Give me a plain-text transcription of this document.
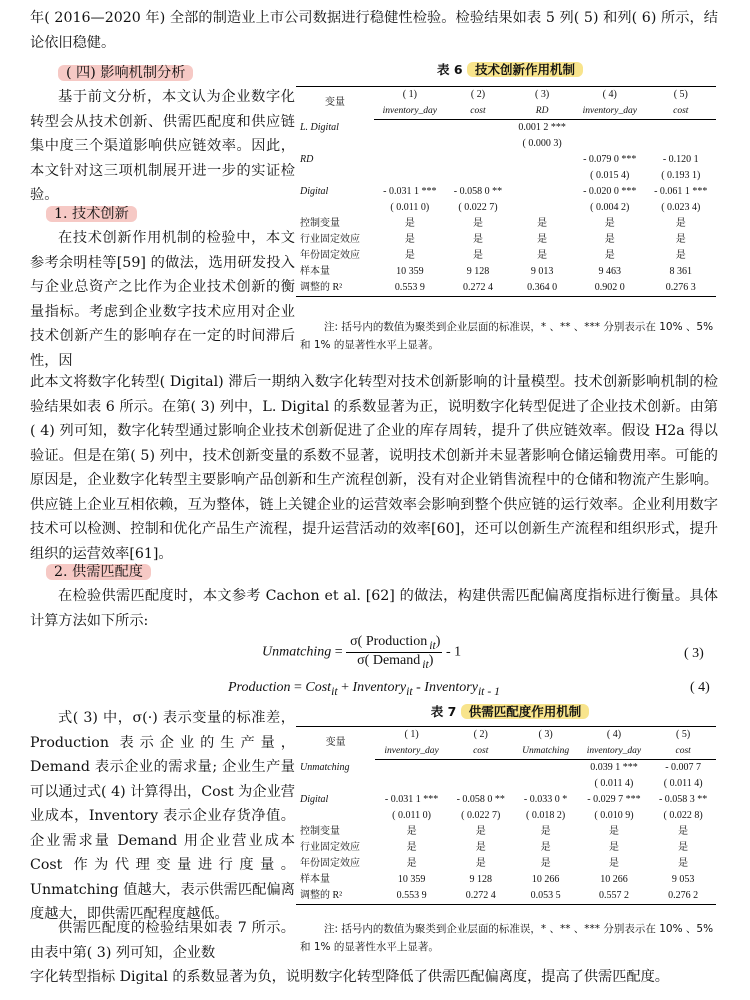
年( 2016—2020 年) 全部的制造业上市公司数据进行稳健性检验。检验结果如表 5 列( 5) 和列( 6) 所示，结论依旧稳健。

( 四) 影响机制分析

基于前文分析，本文认为企业数字化转型会从技术创新、供需匹配度和供应链集中度三个渠道影响供应链效率。因此，本文针对这三项机制展开进一步的实证检验。

1. 技术创新

在技术创新作用机制的检验中，本文参考余明桂等[59] 的做法，选用研发投入与企业总资产之比作为企业技术创新的衡量指标。考虑到企业数字技术应用对企业技术创新产生的影响存在一定的时间滞后性，因

此本文将数字化转型( Digital) 滞后一期纳入数字化转型对技术创新影响的计量模型。技术创新影响机制的检验结果如表 6 所示。在第( 3) 列中，L. Digital 的系数显著为正，说明数字化转型促进了企业技术创新。由第( 4) 列可知，数字化转型通过影响企业技术创新促进了企业的库存周转，提升了供应链效率。假设 H2a 得以验证。但是在第( 5) 列中，技术创新变量的系数不显著，说明技术创新并未显著影响仓储运输费用率。可能的原因是，企业数字化转型主要影响产品创新和生产流程创新，没有对企业销售流程中的仓储和物流产生影响。供应链上企业互相依赖，互为整体，链上关键企业的运营效率会影响到整个供应链的运行效率。企业利用数字技术可以检测、控制和优化产品生产流程，提升运营活动的效率[60]，还可以创新生产流程和组织形式，提升组织的运营效率[61]。

表 6 技术创新作用机制
变量	( 1)	( 2)	( 3)	( 4)	( 5)

	inventory_day	cost	RD	inventory_day	cost

L. Digital			0.001 2 ***		
			( 0.000 3)		
RD				- 0.079 0 ***	- 0.120 1
				( 0.015 4)	( 0.193 1)
Digital	- 0.031 1 ***	- 0.058 0 **		- 0.020 0 ***	- 0.061 1 ***
	( 0.011 0)	( 0.022 7)		( 0.004 2)	( 0.023 4)
控制变量	是	是	是	是	是
行业固定效应	是	是	是	是	是
年份固定效应	是	是	是	是	是
样本量	10 359	9 128	9 013	9 463	8 361
调整的 R²	0.553 9	0.272 4	0.364 0	0.902 0	0.276 3
注: 括号内的数值为聚类到企业层面的标准误，* 、** 、*** 分别表示在 10% 、5% 和 1% 的显著性水平上显著。
2. 供需匹配度

在检验供需匹配度时，本文参考 Cachon et al. [62] 的做法，构建供需匹配偏离度指标进行衡量。具体计算方法如下所示:

Unmatching = $\frac{\sigma( Production _{it})}{\sigma( Demand _{it})} - 1$	( 3)
Production = Cost$_{it}$ + Inventory$_{it}$ - Inventory$_{it - 1}$	( 4)

式( 3) 中，σ(·) 表示变量的标准差，Production 表示企业的生产量，Demand 表示企业的需求量; 企业生产量可以通过式( 4) 计算得出，Cost 为企业营业成本，Inventory 表示企业存货净值。企业需求量 Demand 用企业营业成本 Cost 作为代理变量进行度量。Unmatching 值越大，表示供需匹配偏离度越大，即供需匹配程度越低。

供需匹配度的检验结果如表 7 所示。由表中第( 3) 列可知，企业数

字化转型指标 Digital 的系数显著为负，说明数字化转型降低了供需匹配偏离度，提高了供需匹配度。

表 7 供需匹配度作用机制
变量	( 1)	( 2)	( 3)	( 4)	( 5)

	inventory_day	cost	Unmatching	inventory_day	cost

Unmatching				0.039 1 ***	- 0.007 7
				( 0.011 4)	( 0.011 4)
Digital	- 0.031 1 ***	- 0.058 0 **	- 0.033 0 *	- 0.029 7 ***	- 0.058 3 **
	( 0.011 0)	( 0.022 7)	( 0.018 2)	( 0.010 9)	( 0.022 8)
控制变量	是	是	是	是	是
行业固定效应	是	是	是	是	是
年份固定效应	是	是	是	是	是
样本量	10 359	9 128	10 266	10 266	9 053
调整的 R²	0.553 9	0.272 4	0.053 5	0.557 2	0.276 2
注: 括号内的数值为聚类到企业层面的标准误，* 、** 、*** 分别表示在 10% 、5% 和 1% 的显著性水平上显著。
